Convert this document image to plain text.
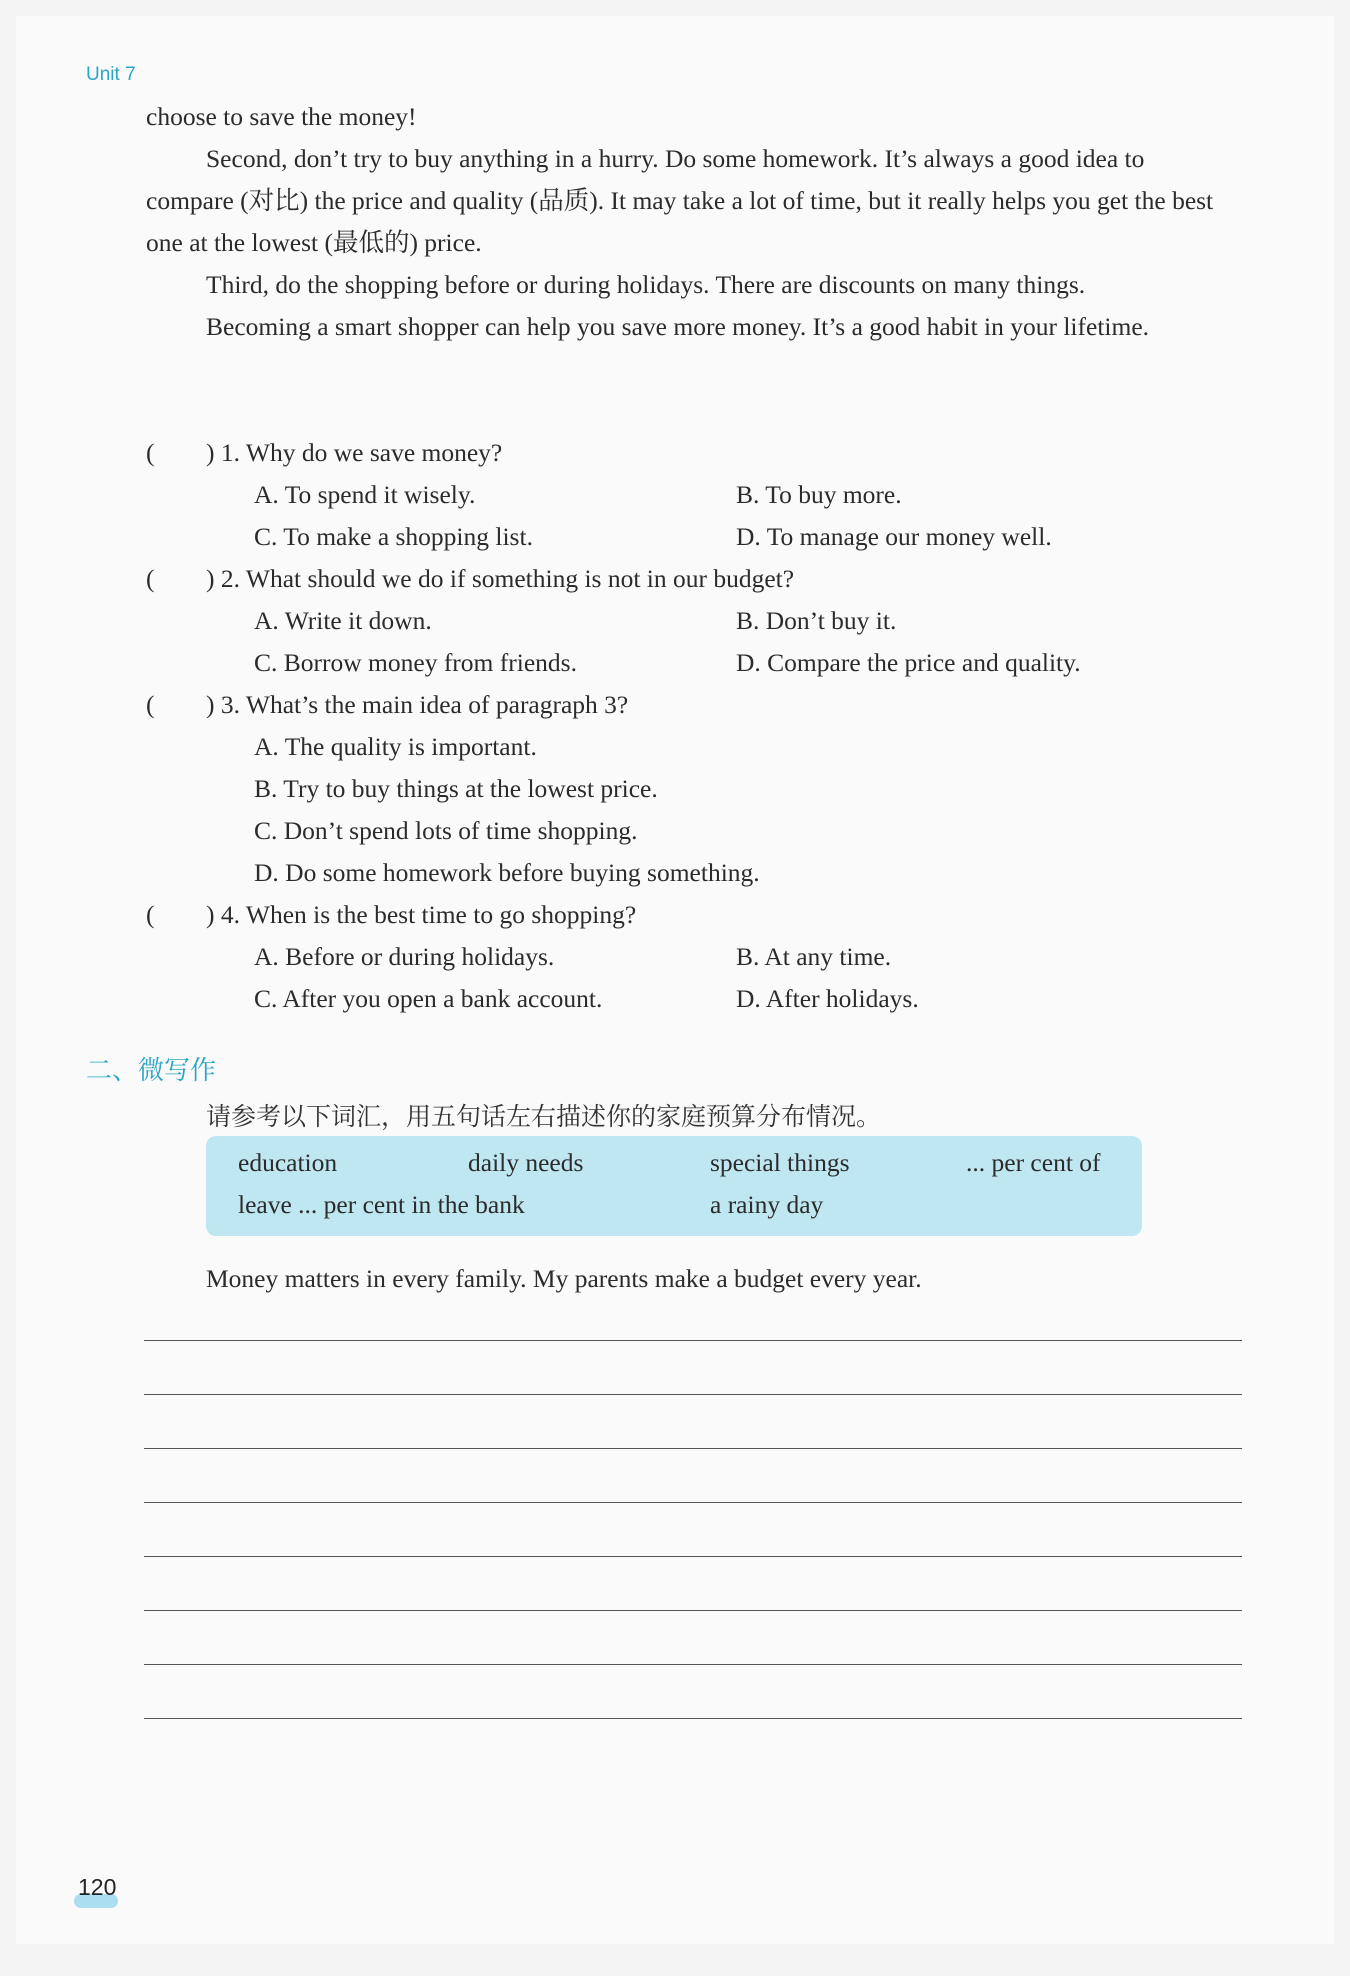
Unit 7

choose to save the money!

Second, don’t try to buy anything in a hurry. Do some homework. It’s always a good idea to compare (对比) the price and quality (品质). It may take a lot of time, but it really helps you get the best one at the lowest (最低的) price.

Third, do the shopping before or during holidays. There are discounts on many things.

Becoming a smart shopper can help you save more money. It’s a good habit in your lifetime.

( ) 1. Why do we save money?
A. To spend it wisely.	B. To buy more.
C. To make a shopping list.	D. To manage our money well.
( ) 2. What should we do if something is not in our budget?
A. Write it down.	B. Don’t buy it.
C. Borrow money from friends.	D. Compare the price and quality.
( ) 3. What’s the main idea of paragraph 3?
A. The quality is important.
B. Try to buy things at the lowest price.
C. Don’t spend lots of time shopping.
D. Do some homework before buying something.
( ) 4. When is the best time to go shopping?
A. Before or during holidays.	B. At any time.
C. After you open a bank account.	D. After holidays.
二、微写作
请参考以下词汇，用五句话左右描述你的家庭预算分布情况。
education	daily needs	special things	... per cent of
leave ... per cent in the bank	a rainy day
Money matters in every family. My parents make a budget every year.
120
